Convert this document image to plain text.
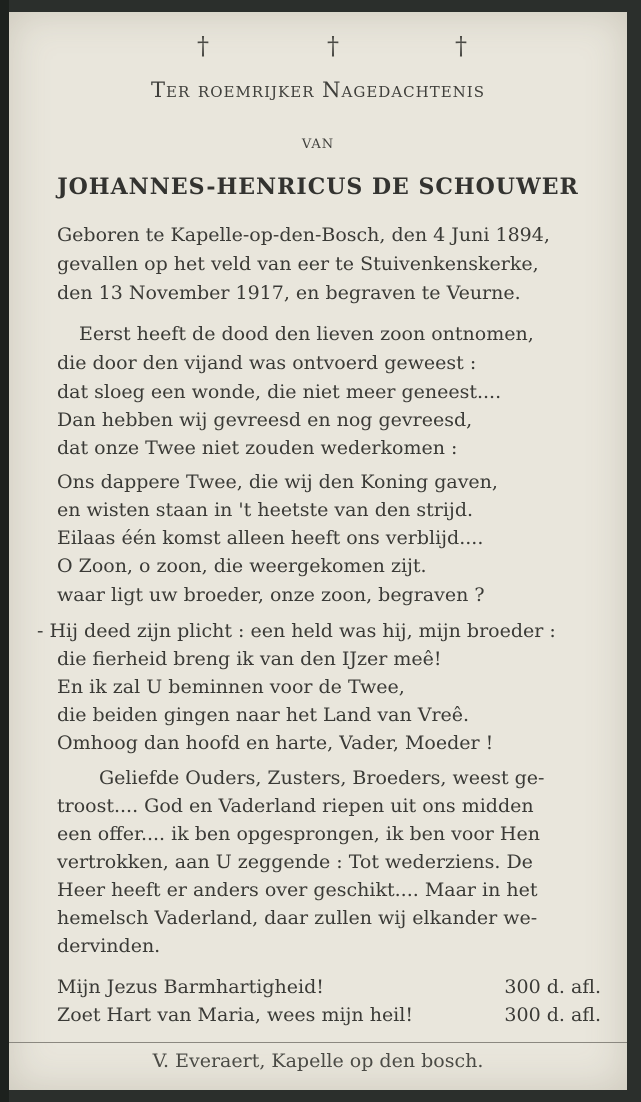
†	†	†
Ter roemrijker Nagedachtenis
van
JOHANNES-HENRICUS DE SCHOUWER
Geboren te Kapelle-op-den-Bosch, den 4 Juni 1894,
gevallen op het veld van eer te Stuivenkenskerke,
den 13 November 1917, en begraven te Veurne.
Eerst heeft de dood den lieven zoon ontnomen,
die door den vijand was ontvoerd geweest :
dat sloeg een wonde, die niet meer geneest....
Dan hebben wij gevreesd en nog gevreesd,
dat onze Twee niet zouden wederkomen :
Ons dappere Twee, die wij den Koning gaven,
en wisten staan in 't heetste van den strijd.
Eilaas één komst alleen heeft ons verblijd....
O Zoon, o zoon, die weergekomen zijt.
waar ligt uw broeder, onze zoon, begraven ?
- Hij deed zijn plicht : een held was hij, mijn broeder :
die fierheid breng ik van den IJzer meê!
En ik zal U beminnen voor de Twee,
die beiden gingen naar het Land van Vreê.
Omhoog dan hoofd en harte, Vader, Moeder !
Geliefde Ouders, Zusters, Broeders, weest ge-
troost.... God en Vaderland riepen uit ons midden
een offer.... ik ben opgesprongen, ik ben voor Hen
vertrokken, aan U zeggende : Tot wederziens. De
Heer heeft er anders over geschikt.... Maar in het
hemelsch Vaderland, daar zullen wij elkander we-
dervinden.
Mijn Jezus Barmhartigheid!	300 d. afl.
Zoet Hart van Maria, wees mijn heil!	300 d. afl.
V. Everaert, Kapelle op den bosch.
